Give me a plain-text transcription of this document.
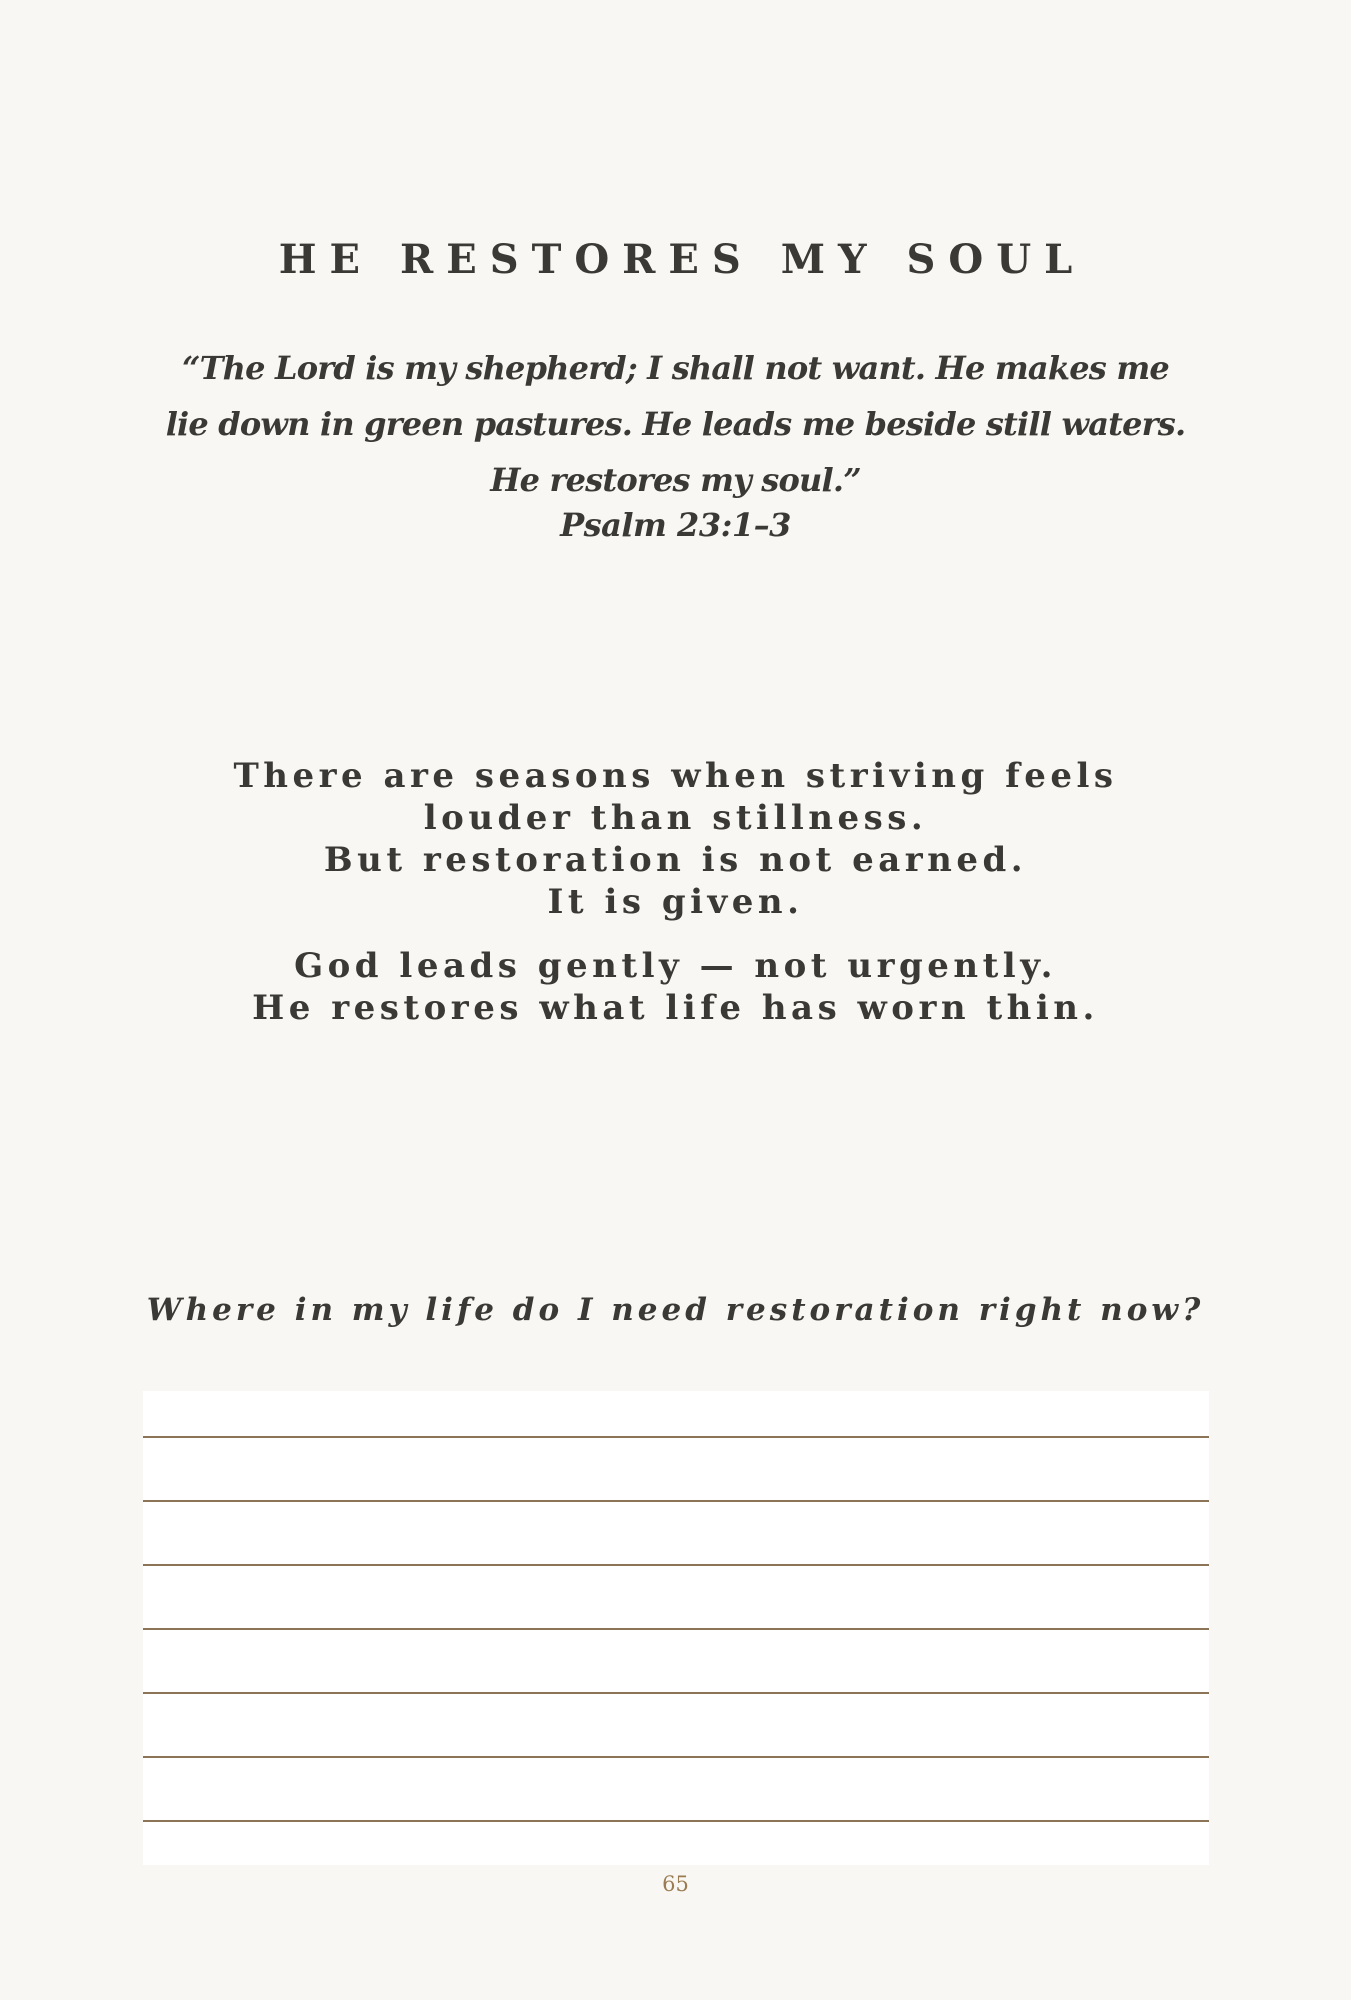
HE RESTORES MY SOUL

“The Lord is my shepherd; I shall not want. He makes me
lie down in green pastures. He leads me beside still waters.
He restores my soul.”

Psalm 23:1–3

There are seasons when striving feels
louder than stillness.
But restoration is not earned.
It is given.
God leads gently — not urgently.
He restores what life has worn thin.

Where in my life do I need restoration right now?

65
